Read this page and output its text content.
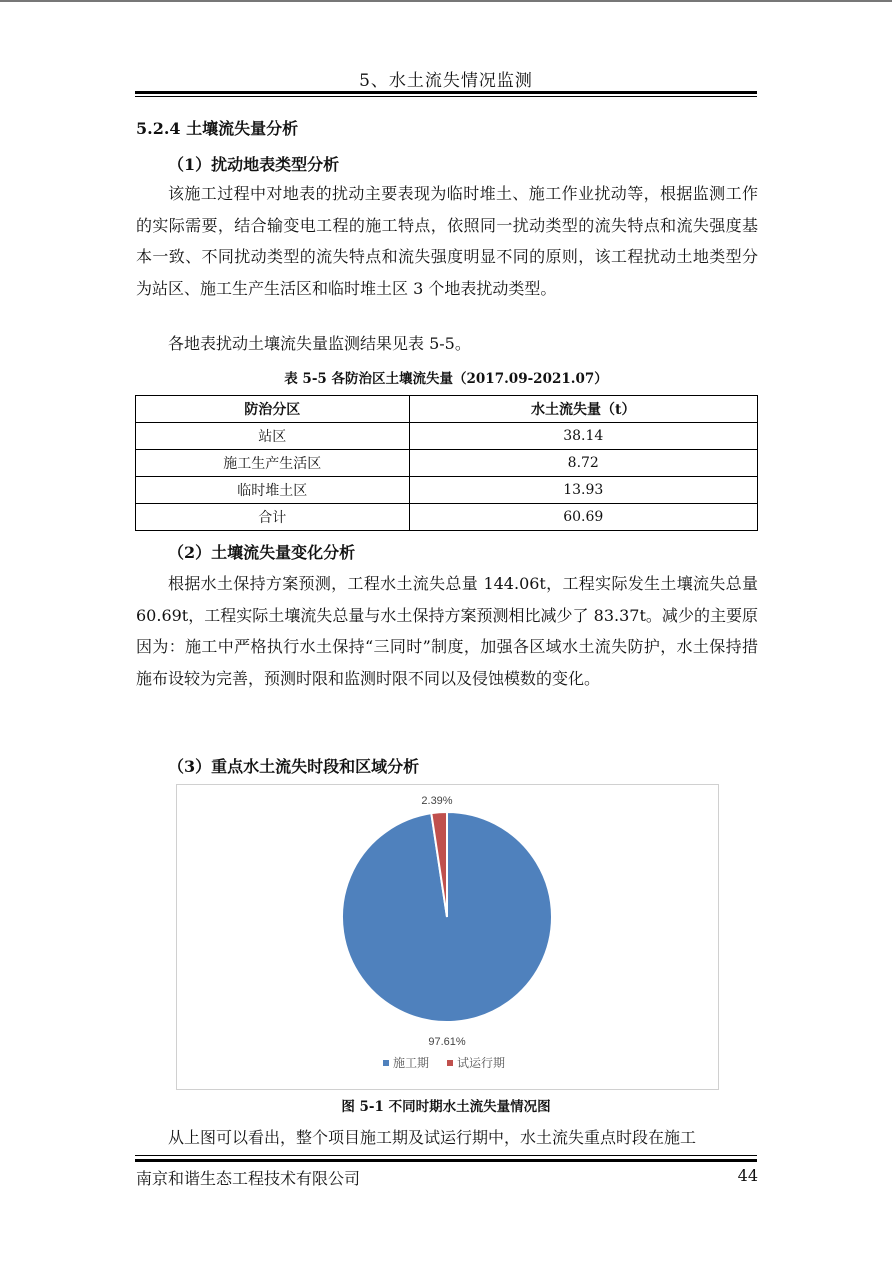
5、水土流失情况监测
5.2.4 土壤流失量分析
（1）扰动地表类型分析
该施工过程中对地表的扰动主要表现为临时堆土、施工作业扰动等，根据监测工作的实际需要，结合输变电工程的施工特点，依照同一扰动类型的流失特点和流失强度基本一致、不同扰动类型的流失特点和流失强度明显不同的原则，该工程扰动土地类型分为站区、施工生产生活区和临时堆土区 3 个地表扰动类型。
各地表扰动土壤流失量监测结果见表 5-5。
表 5-5 各防治区土壤流失量（2017.09-2021.07）
防治分区	水土流失量（t）
站区	38.14
施工生产生活区	8.72
临时堆土区	13.93
合计	60.69
（2）土壤流失量变化分析
根据水土保持方案预测，工程水土流失总量 144.06t，工程实际发生土壤流失总量 60.69t，工程实际土壤流失总量与水土保持方案预测相比减少了 83.37t。减少的主要原因为：施工中严格执行水土保持“三同时”制度，加强各区域水土流失防护，水土保持措施布设较为完善，预测时限和监测时限不同以及侵蚀模数的变化。
（3）重点水土流失时段和区域分析
97.61%
2.39%
施工期 试运行期
图 5-1 不同时期水土流失量情况图
从上图可以看出，整个项目施工期及试运行期中，水土流失重点时段在施工
南京和谐生态工程技术有限公司	44
